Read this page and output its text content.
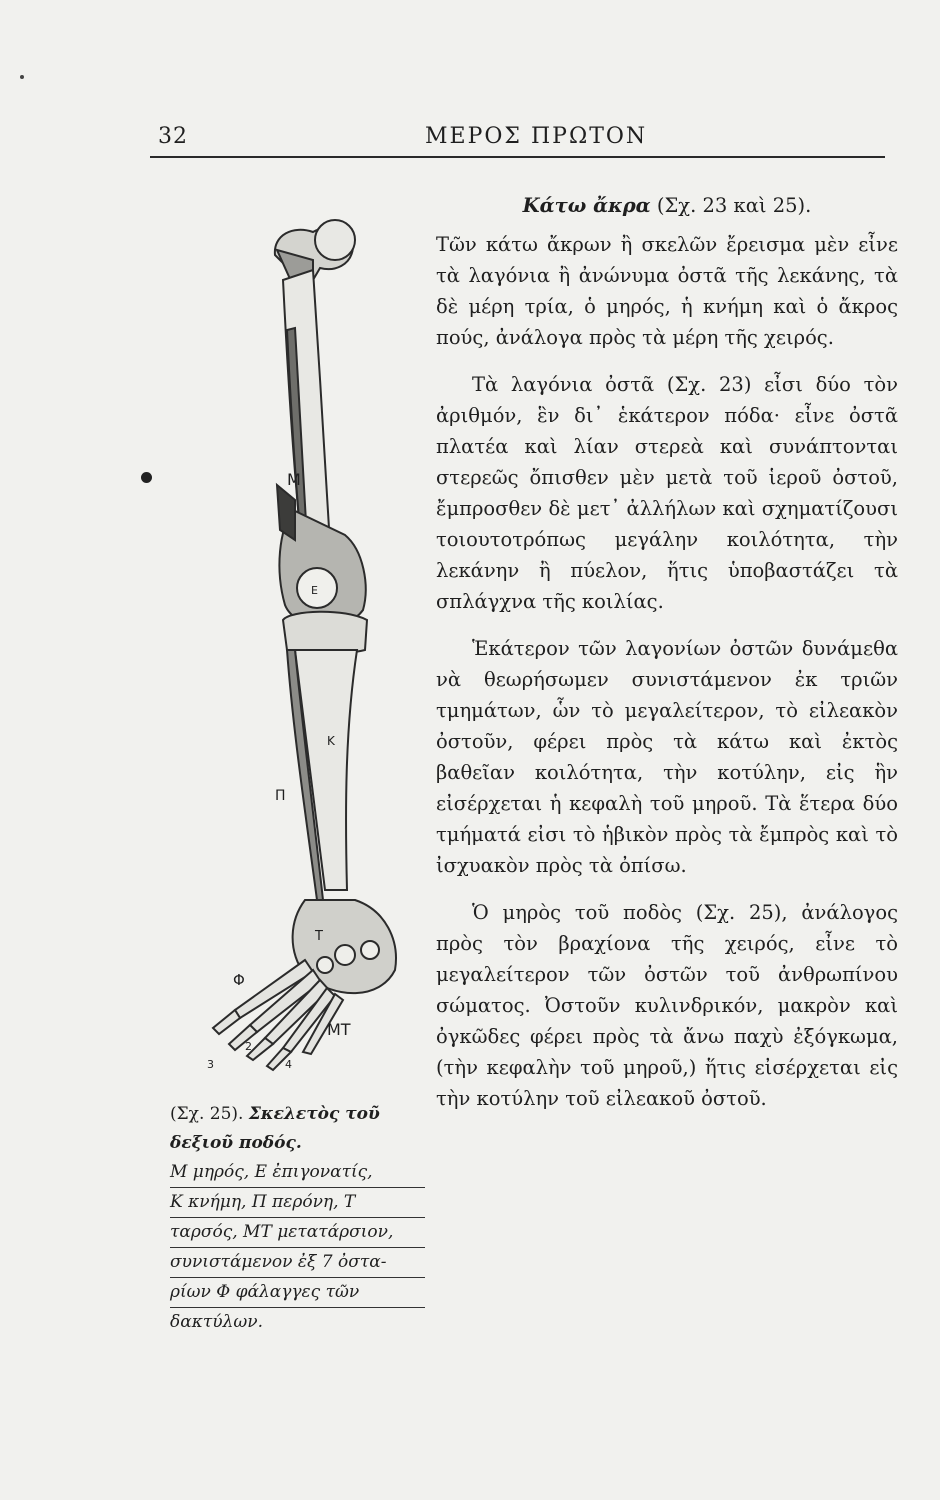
32	ΜΕΡΟΣ ΠΡΩΤΟΝ
Μ
Ε
Κ
Π
Τ
ΜΤ
Φ
2
3	4
(Σχ. 25). Σκελετὸς τοῦ δεξιοῦ ποδός.

Μ μηρός, Ε ἐπιγονατίς,
Κ κνήμη, Π περόνη, Τ
ταρσός, ΜΤ μετατάρσιον,
συνιστάμενον ἐξ 7 ὀστα-
ρίων Φ φάλαγγες τῶν
δακτύλων.
Κάτω ἄκρα (Σχ. 23 καὶ 25).

Τῶν κάτω ἄκρων ἢ σκελῶν ἔρεισμα μὲν εἶνε τὰ λαγόνια ἢ ἀνώνυμα ὀστᾶ τῆς λεκάνης, τὰ δὲ μέρη τρία, ὁ μηρός, ἡ κνήμη καὶ ὁ ἄκρος πούς, ἀνάλογα πρὸς τὰ μέρη τῆς χειρός.

Τὰ λαγόνια ὀστᾶ (Σχ. 23) εἶσι δύο τὸν ἀριθμόν, ἓν δι᾽ ἑκάτερον πόδα· εἶνε ὀστᾶ πλατέα καὶ λίαν στερεὰ καὶ συνάπτονται στερεῶς ὄπισθεν μὲν μετὰ τοῦ ἱεροῦ ὀστοῦ, ἔμπροσθεν δὲ μετ᾽ ἀλλήλων καὶ σχηματίζουσι τοιουτοτρόπως μεγάλην κοιλότητα, τὴν λεκάνην ἢ πύελον, ἥτις ὑποβαστάζει τὰ σπλάγχνα τῆς κοιλίας.

Ἑκάτερον τῶν λαγονίων ὀστῶν δυνάμεθα νὰ θεωρήσωμεν συνιστάμενον ἐκ τριῶν τμημάτων, ὧν τὸ μεγαλείτερον, τὸ εἰλεακὸν ὀστοῦν, φέρει πρὸς τὰ κάτω καὶ ἐκτὸς βαθεῖαν κοιλότητα, τὴν κοτύλην, εἰς ἣν εἰσέρχεται ἡ κεφαλὴ τοῦ μηροῦ. Τὰ ἕτερα δύο τμήματά εἰσι τὸ ἡβικὸν πρὸς τὰ ἔμπρὸς καὶ τὸ ἰσχυακὸν πρὸς τὰ ὀπίσω.

Ὁ μηρὸς τοῦ ποδὸς (Σχ. 25), ἀνάλογος πρὸς τὸν βραχίονα τῆς χειρός, εἶνε τὸ μεγαλείτερον τῶν ὀστῶν τοῦ ἀνθρωπίνου σώματος. Ὀστοῦν κυλινδρικόν, μακρὸν καὶ ὀγκῶδες φέρει πρὸς τὰ ἄνω παχὺ ἐξόγκωμα, (τὴν κεφαλὴν τοῦ μηροῦ,) ἥτις εἰσέρχεται εἰς τὴν κοτύλην τοῦ εἰλεακοῦ ὀστοῦ.
